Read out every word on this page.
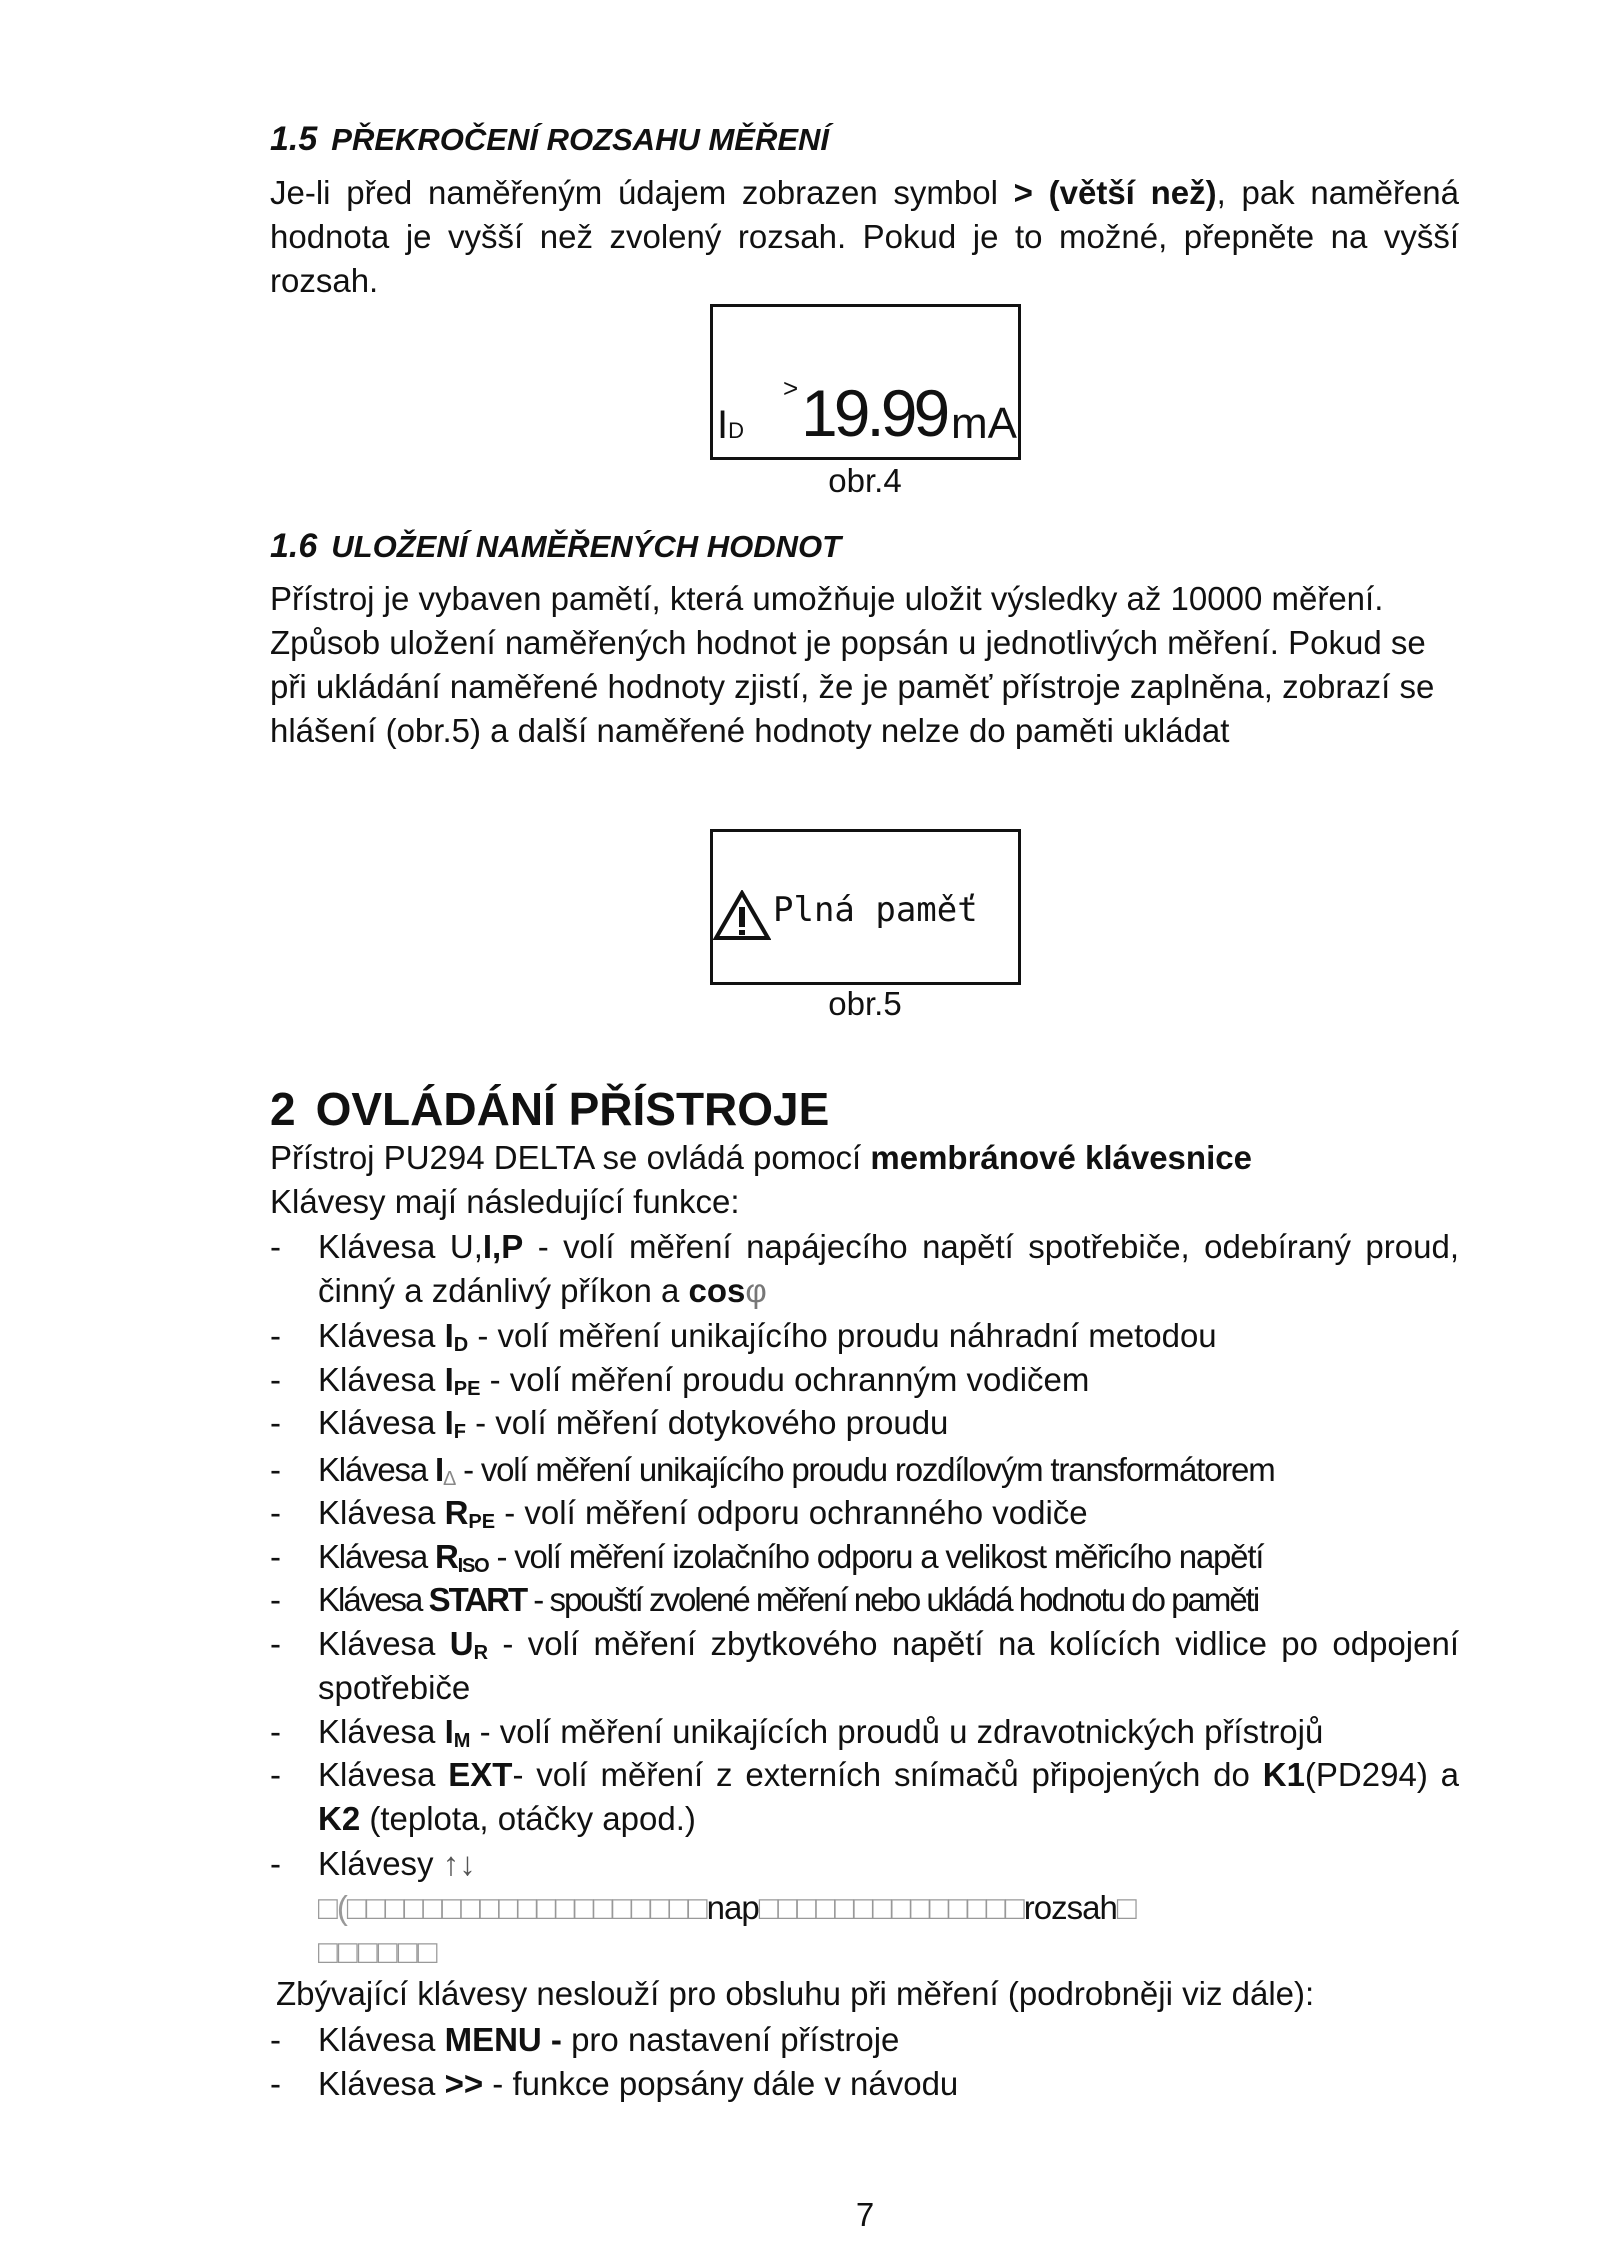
1.5 PŘEKROČENÍ ROZSAHU MĚŘENÍ
Je-li před naměřeným údajem zobrazen symbol > (větší než), pak naměřená hodnota je vyšší než zvolený rozsah. Pokud je to možné, přepněte na vyšší rozsah.
ID
> 19.99 mA
obr.4
1.6 ULOŽENÍ NAMĚŘENÝCH HODNOT
Přístroj je vybaven pamětí, která umožňuje uložit výsledky až 10000 měření. Způsob uložení naměřených hodnot je popsán u jednotlivých měření. Pokud se při ukládání naměřené hodnoty zjistí, že je paměť přístroje zaplněna, zobrazí se hlášení (obr.5) a další naměřené hodnoty nelze do paměti ukládat
Plná paměť
obr.5
2 OVLÁDÁNÍ PŘÍSTROJE
Přístroj PU294 DELTA se ovládá pomocí membránové klávesnice
Klávesy mají následující funkce:
- Klávesa U,I,P - volí měření napájecího napětí spotřebiče, odebíraný proud, činný a zdánlivý příkon a cosφ
- Klávesa $I_D$ - volí měření unikajícího proudu náhradní metodou
- Klávesa $I_{PE}$ - volí měření proudu ochranným vodičem
- Klávesa $I_F$ - volí měření dotykového proudu
- Klávesa $I_\Delta$ - volí měření unikajícího proudu rozdílovým transformátorem
- Klávesa $R_{PE}$ - volí měření odporu ochranného vodiče
- Klávesa $R_{ISO}$ - volí měření izolačního odporu a velikost měřicího napětí
- Klávesa START - spouští zvolené měření nebo ukládá hodnotu do paměti
- Klávesa $U_R$ - volí měření zbytkového napětí na kolících vidlice po odpojení spotřebiče
- Klávesa $I_M$ - volí měření unikajících proudů u zdravotnických přístrojů
- Klávesa EXT- volí měření z externích snímačů připojených do K1(PD294) a K2 (teplota, otáčky apod.)
- Klávesy ↑↓
□(□□□□□□□□□□□□□□□□□□□nap□□□□□□□□□□□□□□rozsah□
□□□□□□
Zbývající klávesy neslouží pro obsluhu při měření (podrobněji viz dále):
- Klávesa MENU - pro nastavení přístroje
- Klávesa >> - funkce popsány dále v návodu
7
